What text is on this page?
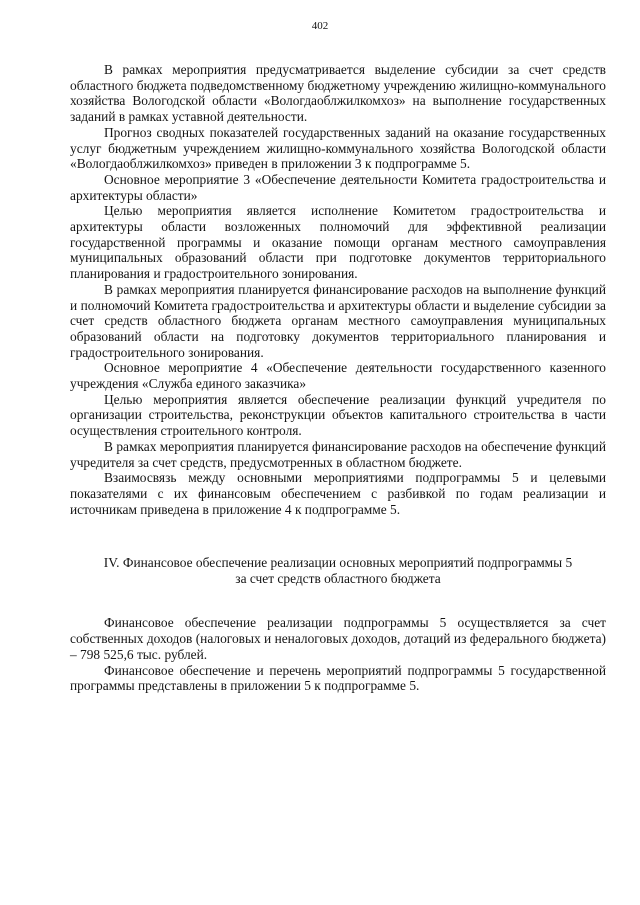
402

В рамках мероприятия предусматривается выделение субсидии за счет средств областного бюджета подведомственному бюджетному учреждению жилищно-коммунального хозяйства Вологодской области «Вологдаоблжилкомхоз» на выполнение государственных заданий в рамках уставной деятельности.

Прогноз сводных показателей государственных заданий на оказание государственных услуг бюджетным учреждением жилищно-коммунального хозяйства Вологодской области «Вологдаоблжилкомхоз» приведен в приложении 3 к подпрограмме 5.

Основное мероприятие 3 «Обеспечение деятельности Комитета градостроительства и архитектуры области»

Целью мероприятия является исполнение Комитетом градостроительства и архитектуры области возложенных полномочий для эффективной реализации государственной программы и оказание помощи органам местного самоуправления муниципальных образований области при подготовке документов территориального планирования и градостроительного зонирования.

В рамках мероприятия планируется финансирование расходов на выполнение функций и полномочий Комитета градостроительства и архитектуры области и выделение субсидии за счет средств областного бюджета органам местного самоуправления муниципальных образований области на подготовку документов территориального планирования и градостроительного зонирования.

Основное мероприятие 4 «Обеспечение деятельности государственного казенного учреждения «Служба единого заказчика»

Целью мероприятия является обеспечение реализации функций учредителя по организации строительства, реконструкции объектов капитального строительства в части осуществления строительного контроля.

В рамках мероприятия планируется финансирование расходов на обеспечение функций учредителя за счет средств, предусмотренных в областном бюджете.

Взаимосвязь между основными мероприятиями подпрограммы 5 и целевыми показателями с их финансовым обеспечением с разбивкой по годам реализации и источникам приведена в приложение 4 к подпрограмме 5.

IV. Финансовое обеспечение реализации основных мероприятий подпрограммы 5
за счет средств областного бюджета

Финансовое обеспечение реализации подпрограммы 5 осуществляется за счет собственных доходов (налоговых и неналоговых доходов, дотаций из федерального бюджета) – 798 525,6 тыс. рублей.

Финансовое обеспечение и перечень мероприятий подпрограммы 5 государственной программы представлены в приложении 5 к подпрограмме 5.
